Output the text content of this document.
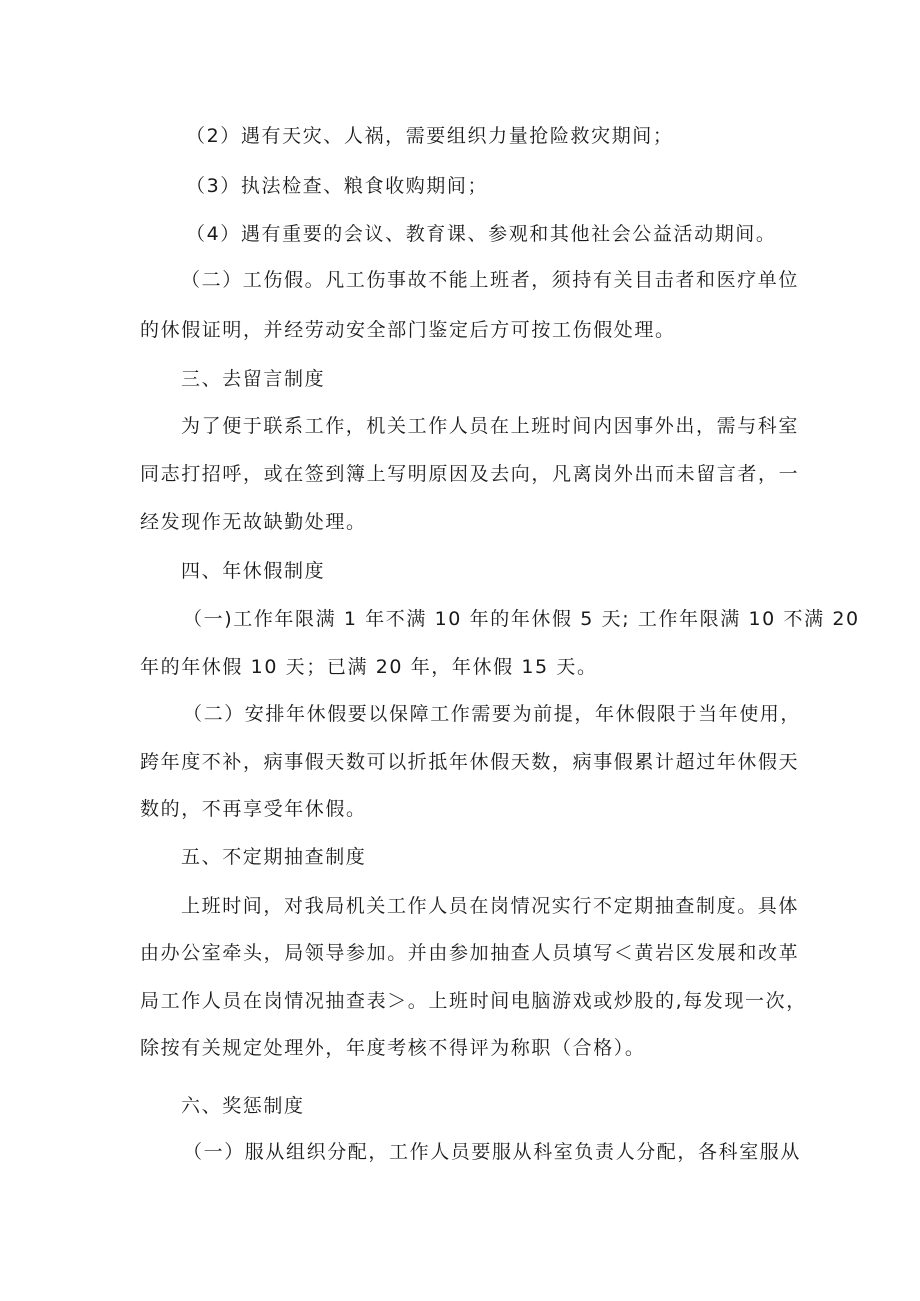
（2）遇有天灾、人祸，需要组织力量抢险救灾期间；
（3）执法检查、粮食收购期间；
（4）遇有重要的会议、教育课、参观和其他社会公益活动期间。
（二）工伤假。凡工伤事故不能上班者，须持有关目击者和医疗单位
的休假证明，并经劳动安全部门鉴定后方可按工伤假处理。
三、去留言制度
为了便于联系工作，机关工作人员在上班时间内因事外出，需与科室
同志打招呼，或在签到簿上写明原因及去向，凡离岗外出而未留言者，一
经发现作无故缺勤处理。
四、年休假制度
（一)工作年限满 1 年不满 10 年的年休假 5 天; 工作年限满 10 不满 20
年的年休假 10 天；已满 20 年，年休假 15 天。
（二）安排年休假要以保障工作需要为前提，年休假限于当年使用，
跨年度不补，病事假天数可以折抵年休假天数，病事假累计超过年休假天
数的，不再享受年休假。
五、不定期抽查制度
上班时间，对我局机关工作人员在岗情况实行不定期抽查制度。具体
由办公室牵头，局领导参加。并由参加抽查人员填写＜黄岩区发展和改革
局工作人员在岗情况抽查表＞。上班时间电脑游戏或炒股的,每发现一次，
除按有关规定处理外，年度考核不得评为称职（合格）。
六、奖惩制度
（一）服从组织分配，工作人员要服从科室负责人分配，各科室服从
